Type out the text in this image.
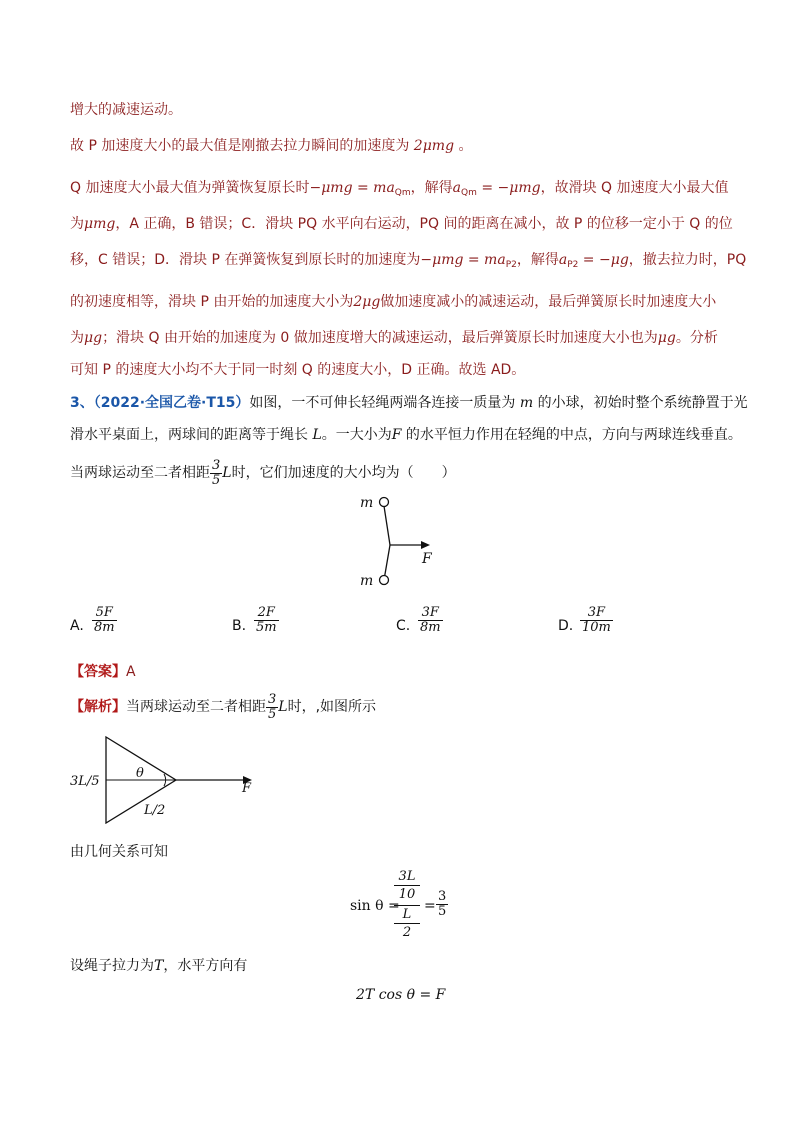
增大的减速运动。
故 P 加速度大小的最大值是刚撤去拉力瞬间的加速度为 2μmg 。
Q 加速度大小最大值为弹簧恢复原长时$-\mu mg = ma_{Qm}$，解得$a_{Qm} = -\mu mg$，故滑块 Q 加速度大小最大值
为μmg，A 正确，B 错误；C．滑块 PQ 水平向右运动，PQ 间的距离在减小，故 P 的位移一定小于 Q 的位
移，C 错误；D．滑块 P 在弹簧恢复到原长时的加速度为$-\mu mg = ma_{P2}$，解得$a_{P2} = -\mu g$，撤去拉力时，PQ
的初速度相等，滑块 P 由开始的加速度大小为2μg做加速度减小的减速运动，最后弹簧原长时加速度大小
为μg；滑块 Q 由开始的加速度为 0 做加速度增大的减速运动，最后弹簧原长时加速度大小也为μg。分析
可知 P 的速度大小均不大于同一时刻 Q 的速度大小，D 正确。故选 AD。
3、（2022·全国乙卷·T15）如图，一不可伸长轻绳两端各连接一质量为 m 的小球，初始时整个系统静置于光
滑水平桌面上，两球间的距离等于绳长 L。一大小为F 的水平恒力作用在轻绳的中点，方向与两球连线垂直。
当两球运动至二者相距 $\frac{3}{5}$ L时，它们加速度的大小均为（　　）
m
m
F
A. $\frac{5F}{8m}$	B. $\frac{2F}{5m}$	C. $\frac{3F}{8m}$	D. $\frac{3F}{10m}$
【答案】A
【解析】当两球运动至二者相距 $\frac{3}{5}$ L时，,如图所示
3L/5
θ
L/2
F
由几何关系可知
sin θ =
3L
10
L
2
= $\frac{3}{5}$
设绳子拉力为T，水平方向有
2T cos θ = F
